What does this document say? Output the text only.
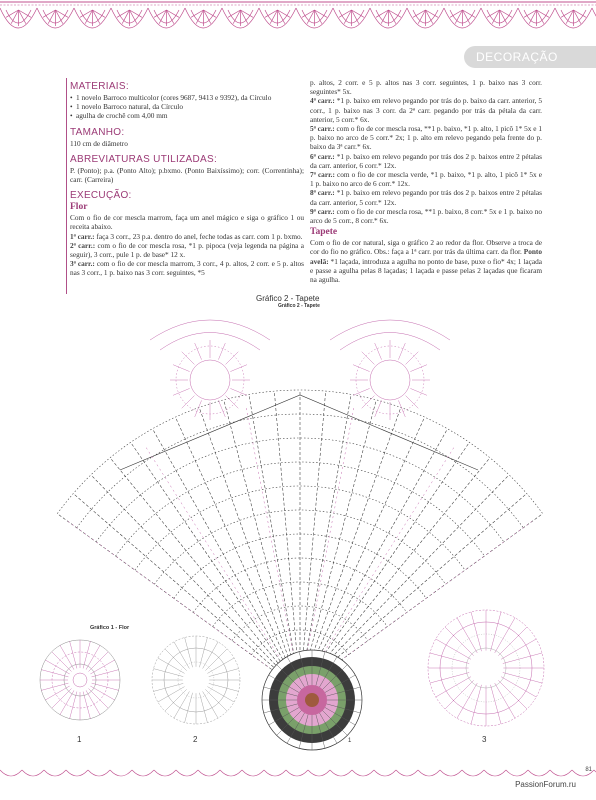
DECORAÇÃO
MATERIAIS:
• 1 novelo Barroco multicolor (cores 9687, 9413 e 9392), da Círculo
• 1 novelo Barroco natural, da Círculo
• agulha de crochê com 4,00 mm
TAMANHO:
110 cm de diâmetro
ABREVIATURAS UTILIZADAS:
P. (Ponto); p.a. (Ponto Alto); p.bxmo. (Ponto Baixíssimo); corr. (Correntinha); carr. (Carreira)
EXECUÇÃO:
Flor
Com o fio de cor mescla marrom, faça um anel mágico e siga o gráfico 1 ou receita abaixo.
1ª carr.: faça 3 corr., 23 p.a. dentro do anel, feche todas as carr. com 1 p. bxmo.
2ª carr.: com o fio de cor mescla rosa, *1 p. pipoca (veja legenda na página a seguir), 3 corr., pule 1 p. de base* 12 x.
3ª carr.: com o fio de cor mescla marrom, 3 corr., 4 p. altos, 2 corr. e 5 p. altos nas 3 corr., 1 p. baixo nas 3 corr. seguintes, *5
p. altos, 2 corr. e 5 p. altos nas 3 corr. seguintes, 1 p. baixo nas 3 corr. seguintes* 5x.
4ª carr.: *1 p. baixo em relevo pegando por trás do p. baixo da carr. anterior, 5 corr., 1 p. baixo nas 3 corr. da 2ª carr. pegando por trás da pétala da carr. anterior, 5 corr.* 6x.
5ª carr.: com o fio de cor mescla rosa, **1 p. baixo, *1 p. alto, 1 picô 1* 5x e 1 p. baixo no arco de 5 corr.* 2x; 1 p. alto em relevo pegando pela frente do p. baixo da 3ª carr.* 6x.
6ª carr.: *1 p. baixo em relevo pegando por trás dos 2 p. baixos entre 2 pétalas da carr. anterior, 6 corr.* 12x.
7ª carr.: com o fio de cor mescla verde, *1 p. baixo, *1 p. alto, 1 picô 1* 5x e 1 p. baixo no arco de 6 corr.* 12x.
8ª carr.: *1 p. baixo em relevo pegando por trás dos 2 p. baixos entre 2 pétalas da carr. anterior, 5 corr.* 12x.
9ª carr.: com o fio de cor mescla rosa, **1 p. baixo, 8 corr.* 5x e 1 p. baixo no arco de 5 corr., 8 corr.* 6x.
Tapete
Com o fio de cor natural, siga o gráfico 2 ao redor da flor. Observe a troca de cor do fio no gráfico. Obs.: faça a 1ª carr. por trás da última carr. da flor. Ponto avelã: *1 laçada, introduza a agulha no ponto de base, puxe o fio* 4x; 1 laçada e passe a agulha pelas 8 laçadas; 1 laçada e passe pelas 2 laçadas que ficaram na agulha.
Gráfico 2 - Tapete
Gráfico 2 - Tapete
Gráfico 1 - Flor
1	2	1	3
PassionForum.ru
81
